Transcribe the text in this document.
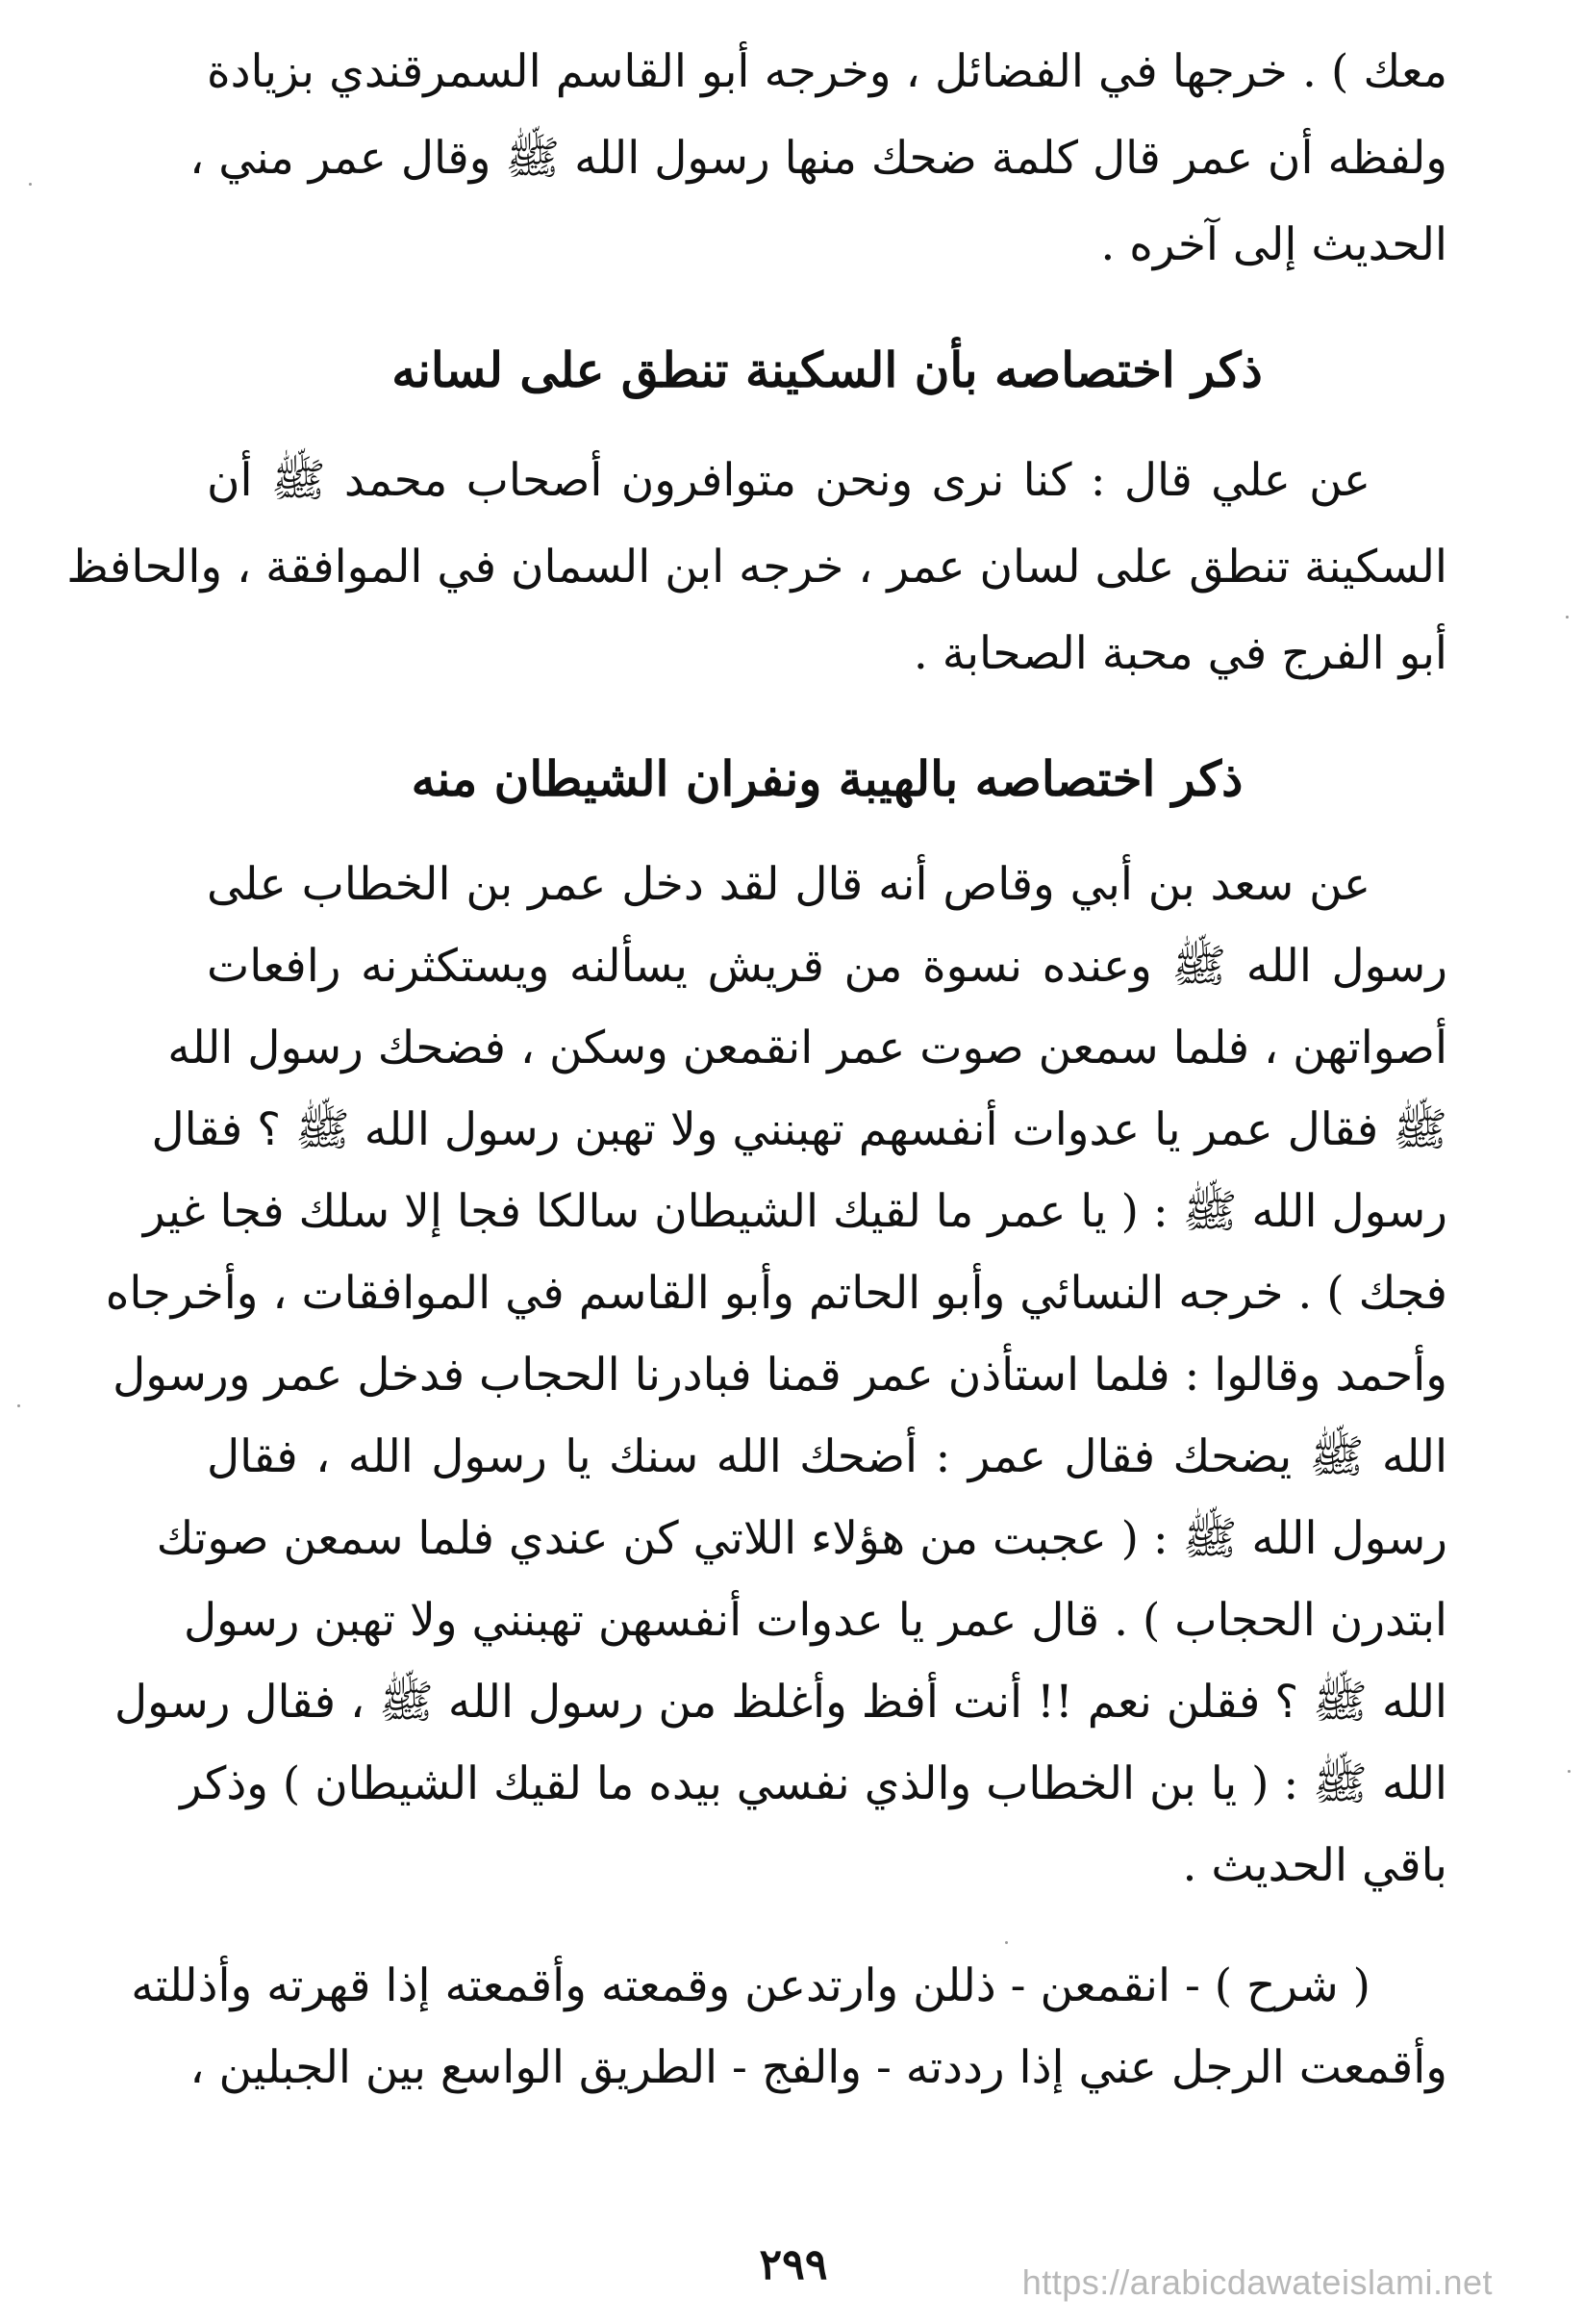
معك ) . خرجها في الفضائل ، وخرجه أبو القاسم السمرقندي بزيادة
ولفظه أن عمر قال كلمة ضحك منها رسول الله ﷺ وقال عمر مني ،
الحديث إلى آخره .
ذكر اختصاصه بأن السكينة تنطق على لسانه
عن علي قال : كنا نرى ونحن متوافرون أصحاب محمد ﷺ أن
السكينة تنطق على لسان عمر ، خرجه ابن السمان في الموافقة ، والحافظ
أبو الفرج في محبة الصحابة .
ذكر اختصاصه بالهيبة ونفران الشيطان منه
عن سعد بن أبي وقاص أنه قال لقد دخل عمر بن الخطاب على
رسول الله ﷺ وعنده نسوة من قريش يسألنه ويستكثرنه رافعات
أصواتهن ، فلما سمعن صوت عمر انقمعن وسكن ، فضحك رسول الله
ﷺ فقال عمر يا عدوات أنفسهم تهبنني ولا تهبن رسول الله ﷺ ؟ فقال
رسول الله ﷺ : ( يا عمر ما لقيك الشيطان سالكا فجا إلا سلك فجا غير
فجك ) . خرجه النسائي وأبو الحاتم وأبو القاسم في الموافقات ، وأخرجاه
وأحمد وقالوا : فلما استأذن عمر قمنا فبادرنا الحجاب فدخل عمر ورسول
الله ﷺ يضحك فقال عمر : أضحك الله سنك يا رسول الله ، فقال
رسول الله ﷺ : ( عجبت من هؤلاء اللاتي كن عندي فلما سمعن صوتك
ابتدرن الحجاب ) . قال عمر يا عدوات أنفسهن تهبنني ولا تهبن رسول
الله ﷺ ؟ فقلن نعم !! أنت أفظ وأغلظ من رسول الله ﷺ ، فقال رسول
الله ﷺ : ( يا بن الخطاب والذي نفسي بيده ما لقيك الشيطان ) وذكر
باقي الحديث .
( شرح ) - انقمعن - ذللن وارتدعن وقمعته وأقمعته إذا قهرته وأذللته
وأقمعت الرجل عني إذا رددته - والفج - الطريق الواسع بين الجبلين ،
٢٩٩	https://arabicdawateislami.net
